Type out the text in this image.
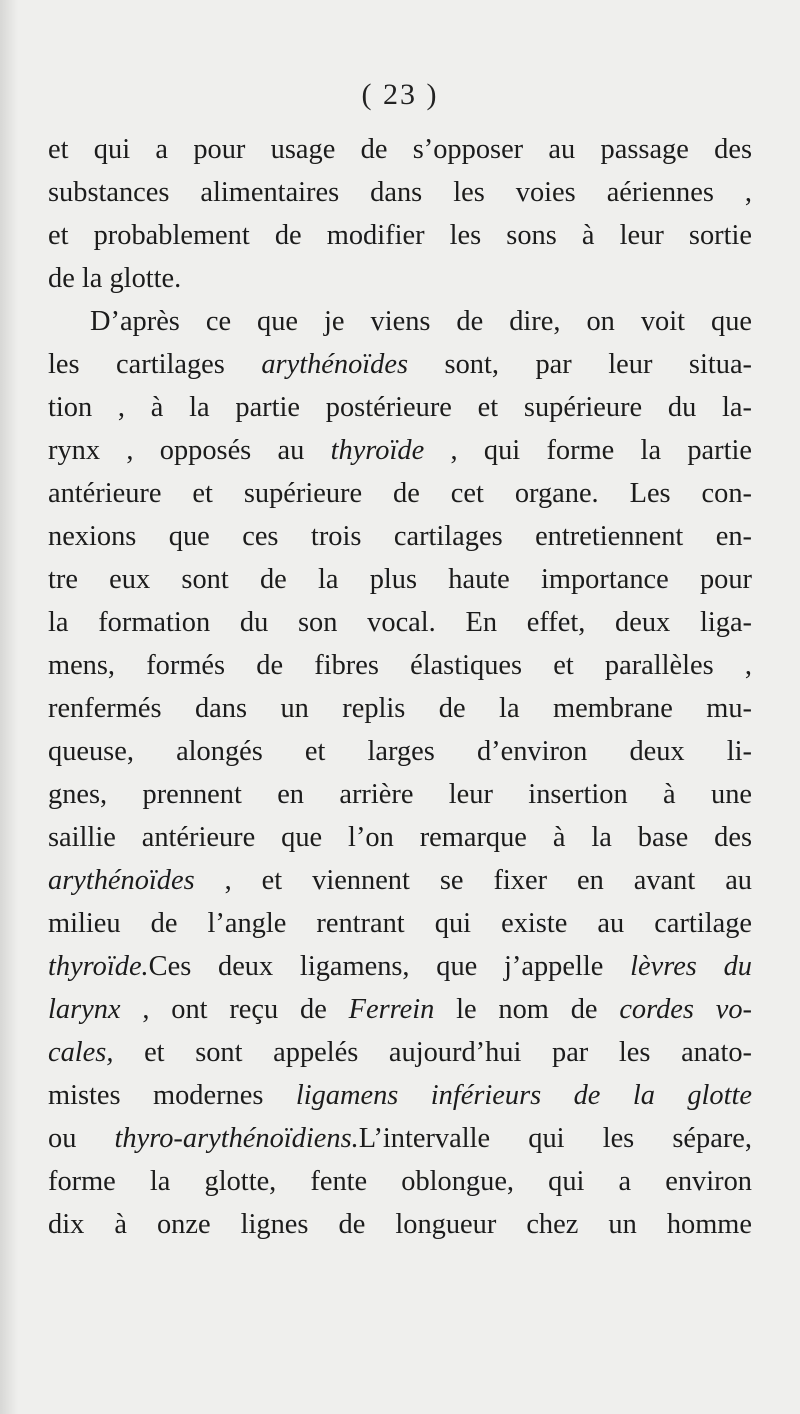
( 23 )
et qui a pour usage de s’opposer au passage des
substances alimentaires dans les voies aériennes ,
et probablement de modifier les sons à leur sortie
de la glotte.
D’après ce que je viens de dire, on voit que
les cartilages arythénoïdes sont, par leur situa-
tion , à la partie postérieure et supérieure du la-
rynx , opposés au thyroïde , qui forme la partie
antérieure et supérieure de cet organe. Les con-
nexions que ces trois cartilages entretiennent en-
tre eux sont de la plus haute importance pour
la formation du son vocal. En effet, deux liga-
mens, formés de fibres élastiques et parallèles ,
renfermés dans un replis de la membrane mu-
queuse, alongés et larges d’environ deux li-
gnes, prennent en arrière leur insertion à une
saillie antérieure que l’on remarque à la base des
arythénoïdes , et viennent se fixer en avant au
milieu de l’angle rentrant qui existe au cartilage
thyroïde.Ces deux ligamens, que j’appelle lèvres du
larynx , ont reçu de Ferrein le nom de cordes vo-
cales, et sont appelés aujourd’hui par les anato-
mistes modernes ligamens inférieurs de la glotte
ou thyro-arythénoïdiens.L’intervalle qui les sépare,
forme la glotte, fente oblongue, qui a environ
dix à onze lignes de longueur chez un homme
